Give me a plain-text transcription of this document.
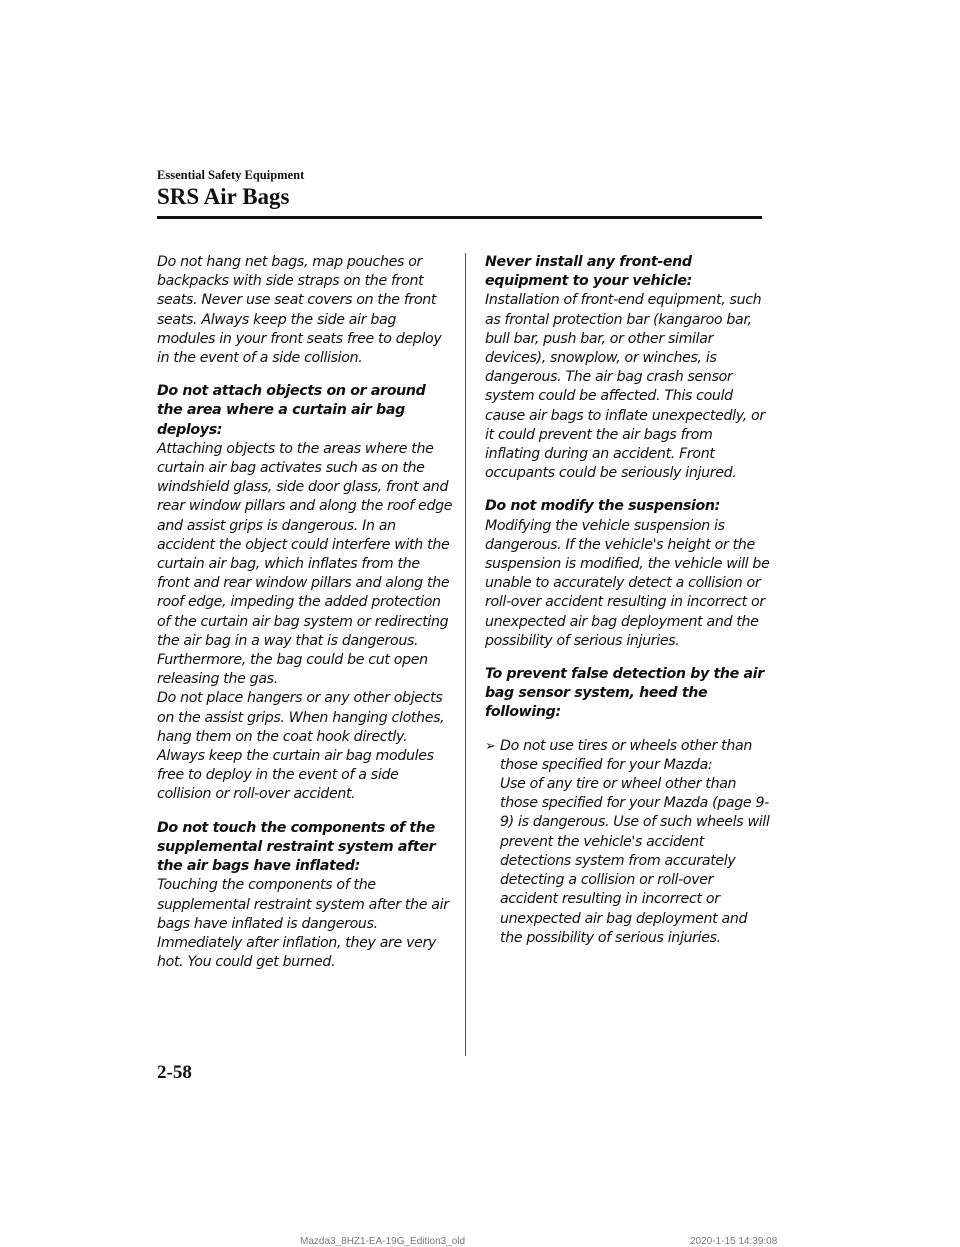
Essential Safety Equipment
SRS Air Bags

Do not hang net bags, map pouches or backpacks with side straps on the front seats. Never use seat covers on the front seats. Always keep the side air bag modules in your front seats free to deploy in the event of a side collision.

Do not attach objects on or around the area where a curtain air bag deploys:
Attaching objects to the areas where the curtain air bag activates such as on the windshield glass, side door glass, front and rear window pillars and along the roof edge and assist grips is dangerous. In an accident the object could interfere with the curtain air bag, which inflates from the front and rear window pillars and along the roof edge, impeding the added protection of the curtain air bag system or redirecting the air bag in a way that is dangerous. Furthermore, the bag could be cut open releasing the gas.
Do not place hangers or any other objects on the assist grips. When hanging clothes, hang them on the coat hook directly. Always keep the curtain air bag modules free to deploy in the event of a side collision or roll-over accident.

Do not touch the components of the supplemental restraint system after the air bags have inflated:
Touching the components of the supplemental restraint system after the air bags have inflated is dangerous. Immediately after inflation, they are very hot. You could get burned.

Never install any front-end equipment to your vehicle:
Installation of front-end equipment, such as frontal protection bar (kangaroo bar, bull bar, push bar, or other similar devices), snowplow, or winches, is dangerous. The air bag crash sensor system could be affected. This could cause air bags to inflate unexpectedly, or it could prevent the air bags from inflating during an accident. Front occupants could be seriously injured.

Do not modify the suspension:
Modifying the vehicle suspension is dangerous. If the vehicle's height or the suspension is modified, the vehicle will be unable to accurately detect a collision or roll-over accident resulting in incorrect or unexpected air bag deployment and the possibility of serious injuries.

To prevent false detection by the air bag sensor system, heed the following:

➢ Do not use tires or wheels other than those specified for your Mazda:
Use of any tire or wheel other than those specified for your Mazda (page 9-9) is dangerous. Use of such wheels will prevent the vehicle's accident detections system from accurately detecting a collision or roll-over accident resulting in incorrect or unexpected air bag deployment and the possibility of serious injuries.
2-58
Mazda3_8HZ1-EA-19G_Edition3_old	2020-1-15 14:39:08
